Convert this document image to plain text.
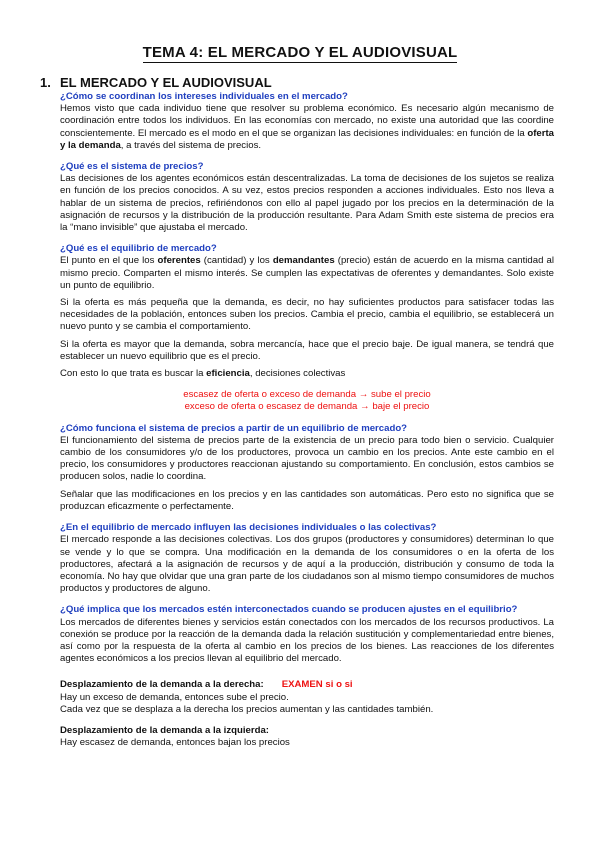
TEMA 4: EL MERCADO Y EL AUDIOVISUAL
1. EL MERCADO Y EL AUDIOVISUAL

¿Cómo se coordinan los intereses individuales en el mercado?

Hemos visto que cada individuo tiene que resolver su problema económico. Es necesario algún mecanismo de coordinación entre todos los individuos. En las economías con mercado, no existe una autoridad que las coordine conscientemente. El mercado es el modo en el que se organizan las decisiones individuales: en función de la oferta y la demanda, a través del sistema de precios.

¿Qué es el sistema de precios?

Las decisiones de los agentes económicos están descentralizadas. La toma de decisiones de los sujetos se realiza en función de los precios conocidos. A su vez, estos precios responden a acciones individuales. Esto nos lleva a hablar de un sistema de precios, refiriéndonos con ello al papel jugado por los precios en la determinación de la asignación de recursos y la distribución de la producción resultante. Para Adam Smith este sistema de precios era la “mano invisible” que ajustaba el mercado.

¿Qué es el equilibrio de mercado?

El punto en el que los oferentes (cantidad) y los demandantes (precio) están de acuerdo en la misma cantidad al mismo precio. Comparten el mismo interés. Se cumplen las expectativas de oferentes y demandantes. Solo existe un punto de equilibrio.

Si la oferta es más pequeña que la demanda, es decir, no hay suficientes productos para satisfacer todas las necesidades de la población, entonces suben los precios. Cambia el precio, cambia el equilibrio, se establecerá un nuevo punto y se cambia el comportamiento.

Si la oferta es mayor que la demanda, sobra mercancía, hace que el precio baje. De igual manera, se tendrá que establecer un nuevo equilibrio que es el precio.

Con esto lo que trata es buscar la eficiencia, decisiones colectivas

escasez de oferta o exceso de demanda → sube el precio

exceso de oferta o escasez de demanda → baje el precio

¿Cómo funciona el sistema de precios a partir de un equilibrio de mercado?

El funcionamiento del sistema de precios parte de la existencia de un precio para todo bien o servicio. Cualquier cambio de los consumidores y/o de los productores, provoca un cambio en los precios. Ante este cambio en el precio, los consumidores y productores reaccionan ajustando su comportamiento. En conclusión, estos cambios se producen solos, nadie lo coordina.

Señalar que las modificaciones en los precios y en las cantidades son automáticas. Pero esto no significa que se produzcan eficazmente o perfectamente.

¿En el equilibrio de mercado influyen las decisiones individuales o las colectivas?

El mercado responde a las decisiones colectivas. Los dos grupos (productores y consumidores) determinan lo que se vende y lo que se compra. Una modificación en la demanda de los consumidores o en la oferta de los productores, afectará a la asignación de recursos y de aquí a la producción, distribución y consumo de toda la economía. No hay que olvidar que una gran parte de los ciudadanos son al mismo tiempo consumidores de muchos productos y productores de alguno.

¿Qué implica que los mercados estén interconectados cuando se producen ajustes en el equilibrio?

Los mercados de diferentes bienes y servicios están conectados con los mercados de los recursos productivos. La conexión se produce por la reacción de la demanda dada la relación sustitución y complementariedad entre bienes, así como por la respuesta de la oferta al cambio en los precios de los bienes. Las reacciones de los diferentes agentes económicos a los precios llevan al equilibrio del mercado.

Desplazamiento de la demanda a la derecha: EXAMEN si o si

Hay un exceso de demanda, entonces sube el precio.

Cada vez que se desplaza a la derecha los precios aumentan y las cantidades también.

Desplazamiento de la demanda a la izquierda:

Hay escasez de demanda, entonces bajan los precios
